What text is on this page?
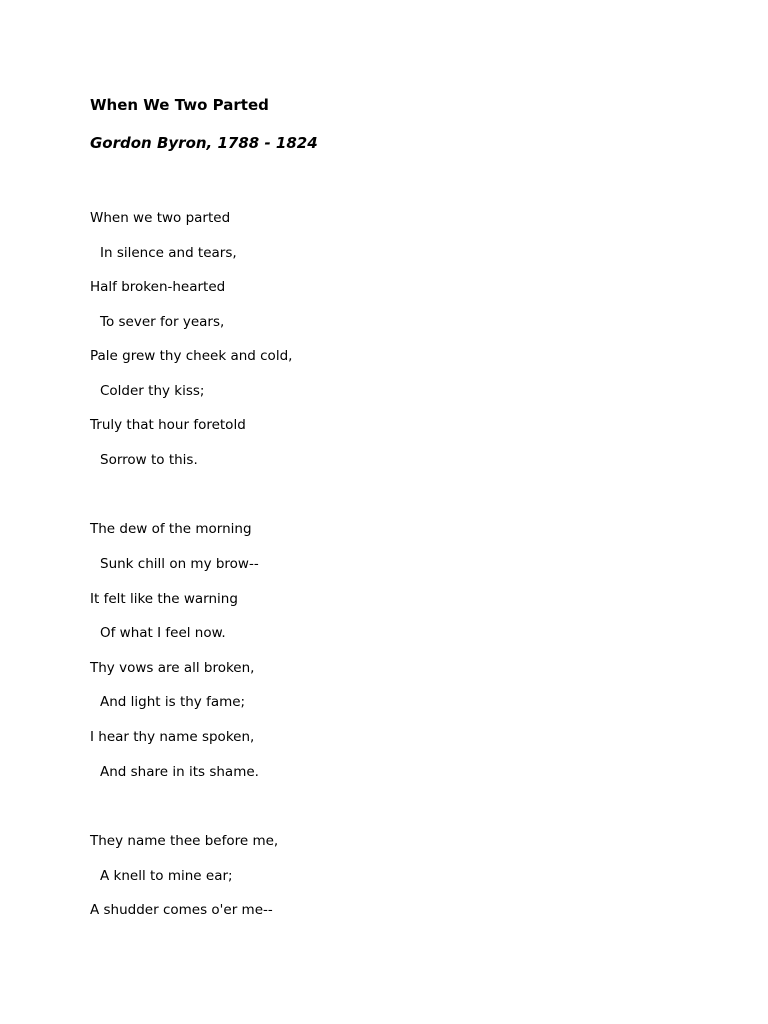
When We Two Parted
Gordon Byron, 1788 - 1824
When we two parted
In silence and tears,
Half broken-hearted
To sever for years,
Pale grew thy cheek and cold,
Colder thy kiss;
Truly that hour foretold
Sorrow to this.
The dew of the morning
Sunk chill on my brow--
It felt like the warning
Of what I feel now.
Thy vows are all broken,
And light is thy fame;
I hear thy name spoken,
And share in its shame.
They name thee before me,
A knell to mine ear;
A shudder comes o'er me--
